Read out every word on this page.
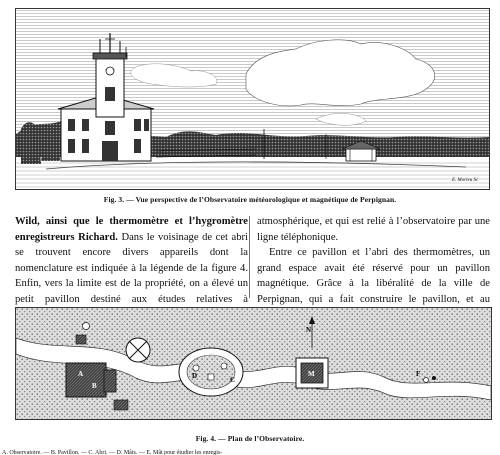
E. Morieu Sc
Fig. 3. — Vue perspective de l’Observatoire météorologique et magnétique de Perpignan.

Wild, ainsi que le thermomètre et l’hygromètre enregistreurs Richard. Dans le voisinage de cet abri se trouvent encore divers appareils dont la nomenclature est indiquée à la légende de la figure 4. Enfin, vers la limite est de la propriété, on a élevé un petit pavillon destiné aux études relatives à

atmosphérique, et qui est relié à l’observatoire par une ligne téléphonique.

Entre ce pavillon et l’abri des thermomètres, un grand espace avait été réservé pour un pavillon magnétique. Grâce à la libéralité de la ville de Perpignan, qui a fait construire le pavillon, et au

N
A
B
C
D	M	F
Fig. 4. — Plan de l’Observatoire.
A. Observatoire. — B. Pavillon. — C. Abri. — D. Mâts. — E. Mât pour étudier les enregis-
